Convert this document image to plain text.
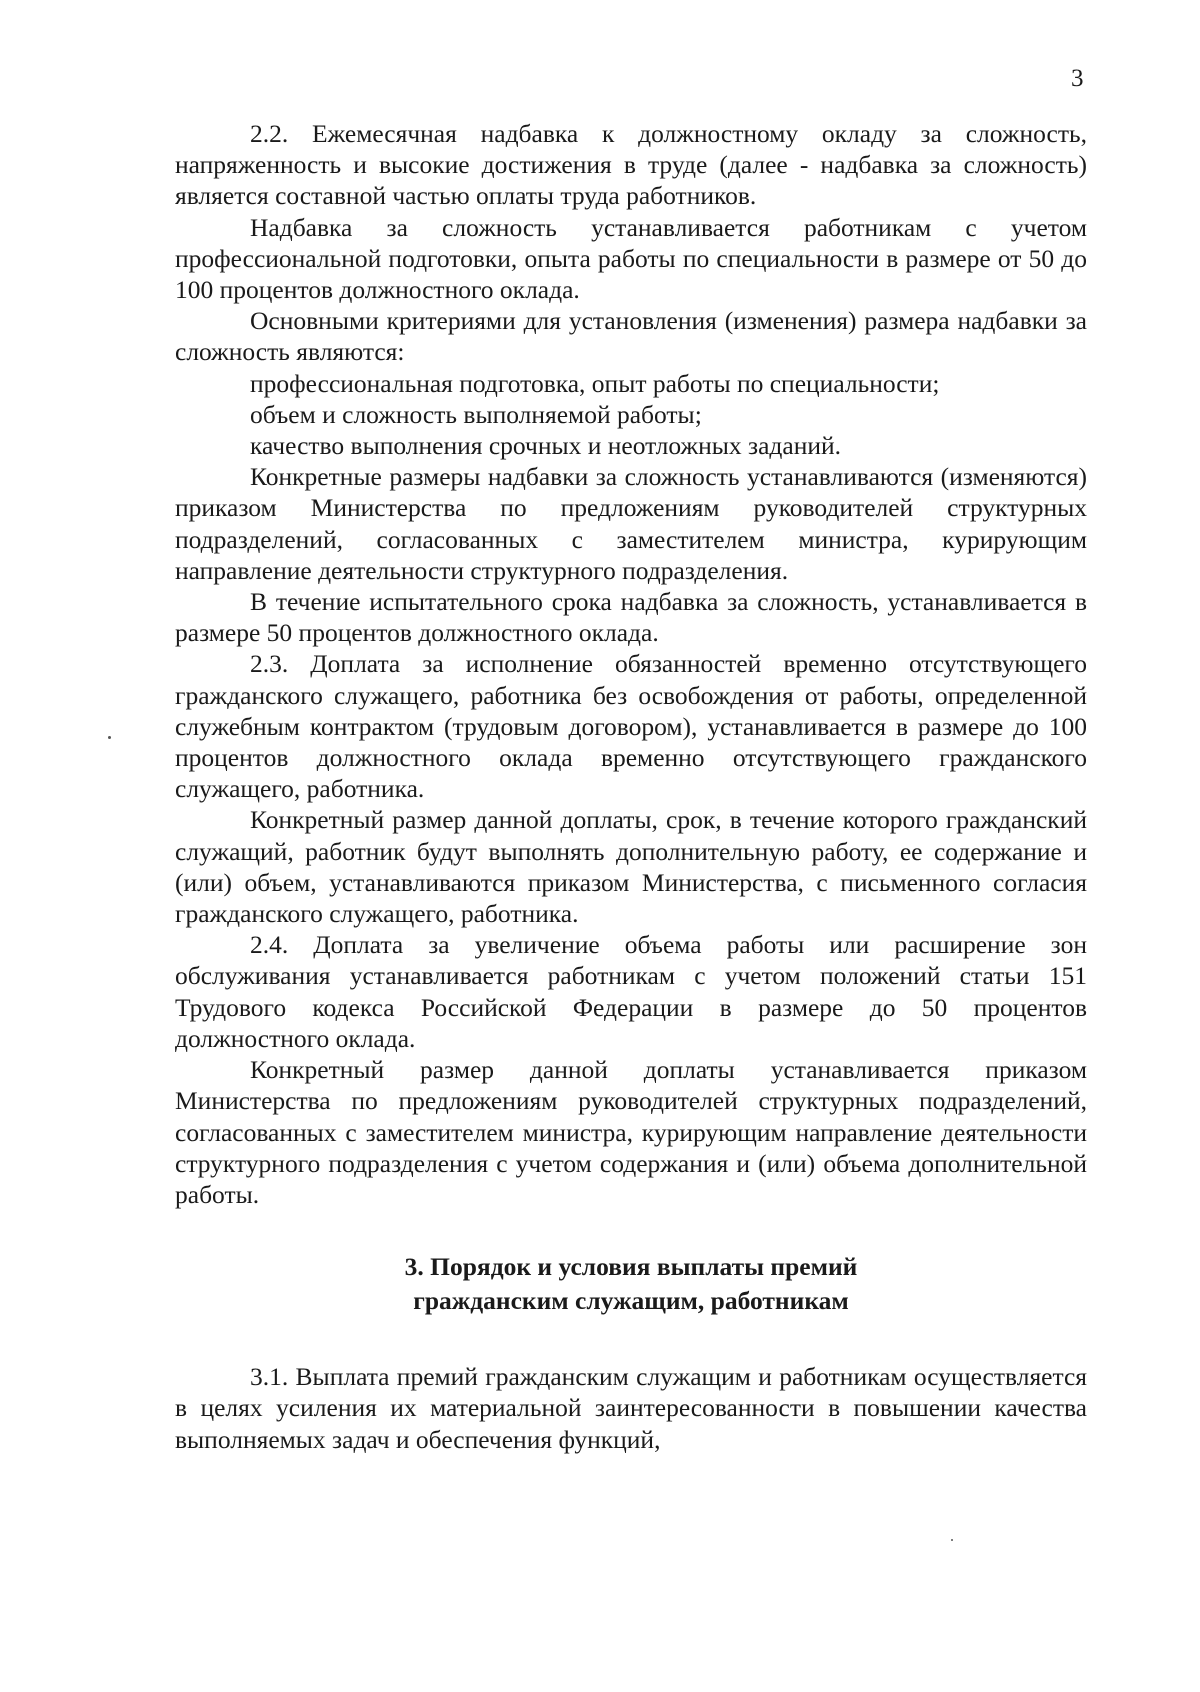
3

2.2. Ежемесячная надбавка к должностному окладу за сложность, напряженность и высокие достижения в труде (далее - надбавка за сложность) является составной частью оплаты труда работников.

Надбавка за сложность устанавливается работникам с учетом профессиональной подготовки, опыта работы по специальности в размере от 50 до 100 процентов должностного оклада.

Основными критериями для установления (изменения) размера надбавки за сложность являются:

профессиональная подготовка, опыт работы по специальности;

объем и сложность выполняемой работы;

качество выполнения срочных и неотложных заданий.

Конкретные размеры надбавки за сложность устанавливаются (изменяются) приказом Министерства по предложениям руководителей структурных подразделений, согласованных с заместителем министра, курирующим направление деятельности структурного подразделения.

В течение испытательного срока надбавка за сложность, устанавливается в размере 50 процентов должностного оклада.

2.3. Доплата за исполнение обязанностей временно отсутствующего гражданского служащего, работника без освобождения от работы, определенной служебным контрактом (трудовым договором), устанавливается в размере до 100 процентов должностного оклада временно отсутствующего гражданского служащего, работника.

Конкретный размер данной доплаты, срок, в течение которого гражданский служащий, работник будут выполнять дополнительную работу, ее содержание и (или) объем, устанавливаются приказом Министерства, с письменного согласия гражданского служащего, работника.

2.4. Доплата за увеличение объема работы или расширение зон обслуживания устанавливается работникам с учетом положений статьи 151 Трудового кодекса Российской Федерации в размере до 50 процентов должностного оклада.

Конкретный размер данной доплаты устанавливается приказом Министерства по предложениям руководителей структурных подразделений, согласованных с заместителем министра, курирующим направление деятельности структурного подразделения с учетом содержания и (или) объема дополнительной работы.

3. Порядок и условия выплаты премий
гражданским служащим, работникам

3.1. Выплата премий гражданским служащим и работникам осуществляется в целях усиления их материальной заинтересованности в повышении качества выполняемых задач и обеспечения функций,
